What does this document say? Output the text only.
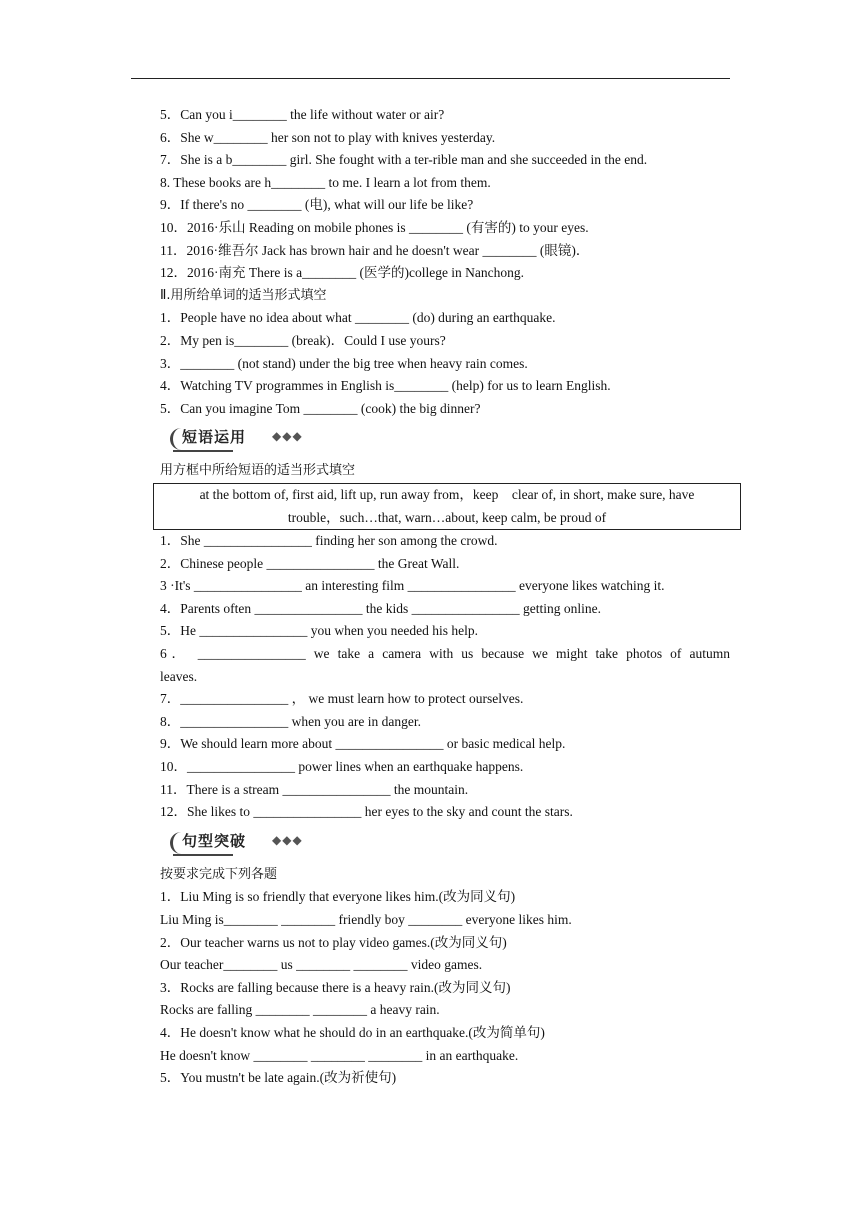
5．Can you i________ the life without water or air?
6．She w________ her son not to play with knives yesterday.
7．She is a b________ girl. She fought with a ter-rible man and she succeeded in the end.
8. These books are h________ to me. I learn a lot from them.
9．If there's no ________ (电), what will our life be like?
10．2016·乐山 Reading on mobile phones is ________ (有害的) to your eyes.
11．2016·维吾尔 Jack has brown hair and he doesn't wear ________ (眼镜)．
12．2016·南充 There is a________ (医学的)college in Nanchong.
Ⅱ.用所给单词的适当形式填空
1．People have no idea about what ________ (do) during an earthquake.
2．My pen is________ (break)．Could I use yours?
3．________ (not stand) under the big tree when heavy rain comes.
4．Watching TV programmes in English is________ (help) for us to learn English.
5．Can you imagine Tom ________ (cook) the big dinner?
短语运用 ◆◆◆
用方框中所给短语的适当形式填空
at the bottom of, first aid, lift up, run away from，keep　clear of, in short, make sure, have
trouble，such…that, warn…about, keep calm, be proud of
1．She ________________ finding her son among the crowd.
2．Chinese people ________________ the Great Wall.
3 ·It's ________________ an interesting film ________________ everyone likes watching it.
4．Parents often ________________ the kids ________________ getting online.
5．He ________________ you when you needed his help.
6． ________________ we take a camera with us because we might take photos of autumn
leaves.
7．________________ ， we must learn how to protect ourselves.
8．________________ when you are in danger.
9．We should learn more about ________________ or basic medical help.
10．________________ power lines when an earthquake happens.
11．There is a stream ________________ the mountain.
12．She likes to ________________ her eyes to the sky and count the stars.
句型突破 ◆◆◆
按要求完成下列各题
1．Liu Ming is so friendly that everyone likes him.(改为同义句)
Liu Ming is________ ________ friendly boy ________ everyone likes him.
2．Our teacher warns us not to play video games.(改为同义句)
Our teacher________ us ________ ________ video games.
3．Rocks are falling because there is a heavy rain.(改为同义句)
Rocks are falling ________ ________ a heavy rain.
4．He doesn't know what he should do in an earthquake.(改为简单句)
He doesn't know ________ ________ ________ in an earthquake.
5．You mustn't be late again.(改为祈使句)
